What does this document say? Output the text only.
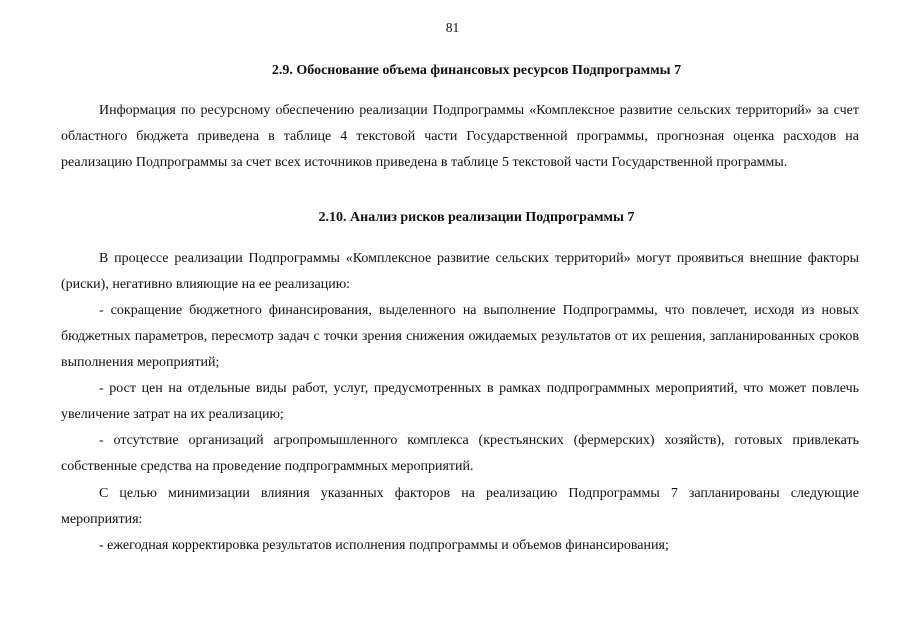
81
2.9. Обоснование объема финансовых ресурсов Подпрограммы 7

Информация по ресурсному обеспечению реализации Подпрограммы «Комплексное развитие сельских территорий» за счет областного бюджета приведена в таблице 4 текстовой части Государственной программы, прогнозная оценка расходов на реализацию Подпрограммы за счет всех источников приведена в таблице 5 текстовой части Государственной программы.

2.10. Анализ рисков реализации Подпрограммы 7

В процессе реализации Подпрограммы «Комплексное развитие сельских территорий» могут проявиться внешние факторы (риски), негативно влияющие на ее реализацию:

- сокращение бюджетного финансирования, выделенного на выполнение Подпрограммы, что повлечет, исходя из новых бюджетных параметров, пересмотр задач с точки зрения снижения ожидаемых результатов от их решения, запланированных сроков выполнения мероприятий;

- рост цен на отдельные виды работ, услуг, предусмотренных в рамках подпрограммных мероприятий, что может повлечь увеличение затрат на их реализацию;

- отсутствие организаций агропромышленного комплекса (крестьянских (фермерских) хозяйств), готовых привлекать собственные средства на проведение подпрограммных мероприятий.

С целью минимизации влияния указанных факторов на реализацию Подпрограммы 7 запланированы следующие мероприятия:

- ежегодная корректировка результатов исполнения подпрограммы и объемов финансирования;
